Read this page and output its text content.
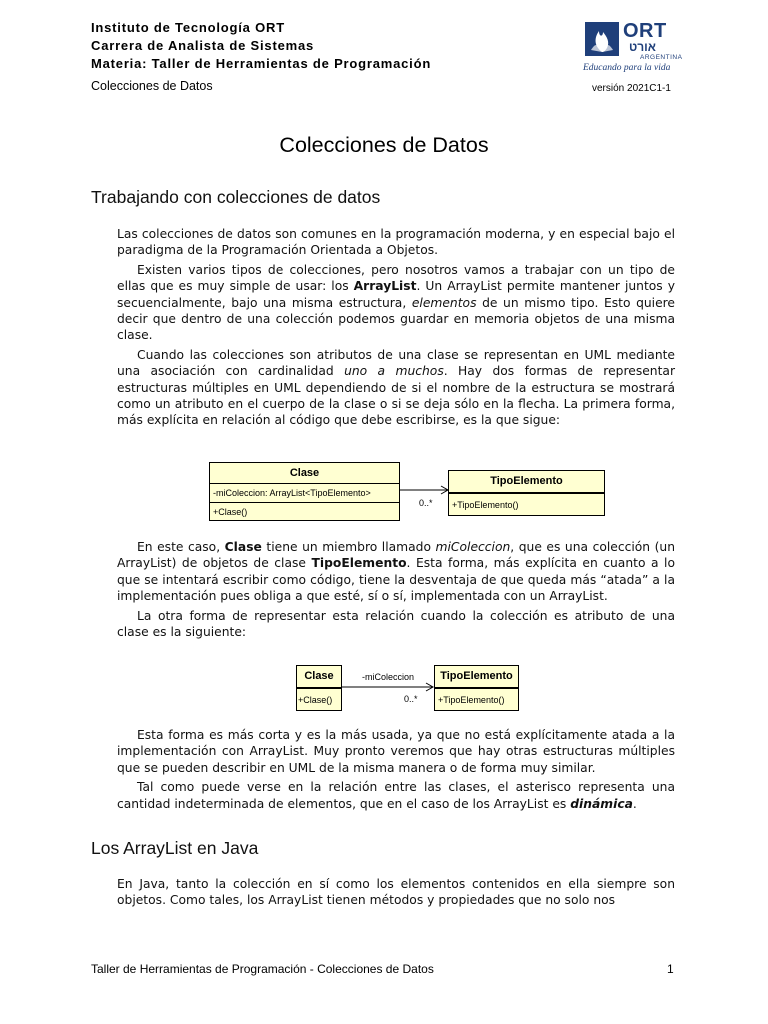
Instituto de Tecnología ORT
Carrera de Analista de Sistemas
Materia: Taller de Herramientas de Programación
Colecciones de Datos	versión 2021C1-1
ORT
אורט
ARGENTINA
Educando para la vida
Colecciones de Datos
Trabajando con colecciones de datos

Las colecciones de datos son comunes en la programación moderna, y en especial bajo el paradigma de la Programación Orientada a Objetos.

Existen varios tipos de colecciones, pero nosotros vamos a trabajar con un tipo de ellas que es muy simple de usar: los ArrayList. Un ArrayList permite mantener juntos y secuencialmente, bajo una misma estructura, elementos de un mismo tipo. Esto quiere decir que dentro de una colección podemos guardar en memoria objetos de una misma clase.

Cuando las colecciones son atributos de una clase se representan en UML mediante una asociación con cardinalidad uno a muchos. Hay dos formas de representar estructuras múltiples en UML dependiendo de si el nombre de la estructura se mostrará como un atributo en el cuerpo de la clase o si se deja sólo en la flecha. La primera forma, más explícita en relación al código que debe escribirse, es la que sigue:

Clase
-miColeccion: ArrayList<TipoElemento>
+Clase()
TipoElemento
+TipoElemento()
0..*

En este caso, Clase tiene un miembro llamado miColeccion, que es una colección (un ArrayList) de objetos de clase TipoElemento. Esta forma, más explícita en cuanto a lo que se intentará escribir como código, tiene la desventaja de que queda más “atada” a la implementación pues obliga a que esté, sí o sí, implementada con un ArrayList.

La otra forma de representar esta relación cuando la colección es atributo de una clase es la siguiente:

Clase
+Clase()
TipoElemento
+TipoElemento()
-miColeccion
0..*

Esta forma es más corta y es la más usada, ya que no está explícitamente atada a la implementación con ArrayList. Muy pronto veremos que hay otras estructuras múltiples que se pueden describir en UML de la misma manera o de forma muy similar.

Tal como puede verse en la relación entre las clases, el asterisco representa una cantidad indeterminada de elementos, que en el caso de los ArrayList es dinámica.

Los ArrayList en Java

En Java, tanto la colección en sí como los elementos contenidos en ella siempre son objetos. Como tales, los ArrayList tienen métodos y propiedades que no solo nos

Taller de Herramientas de Programación - Colecciones de Datos	1
